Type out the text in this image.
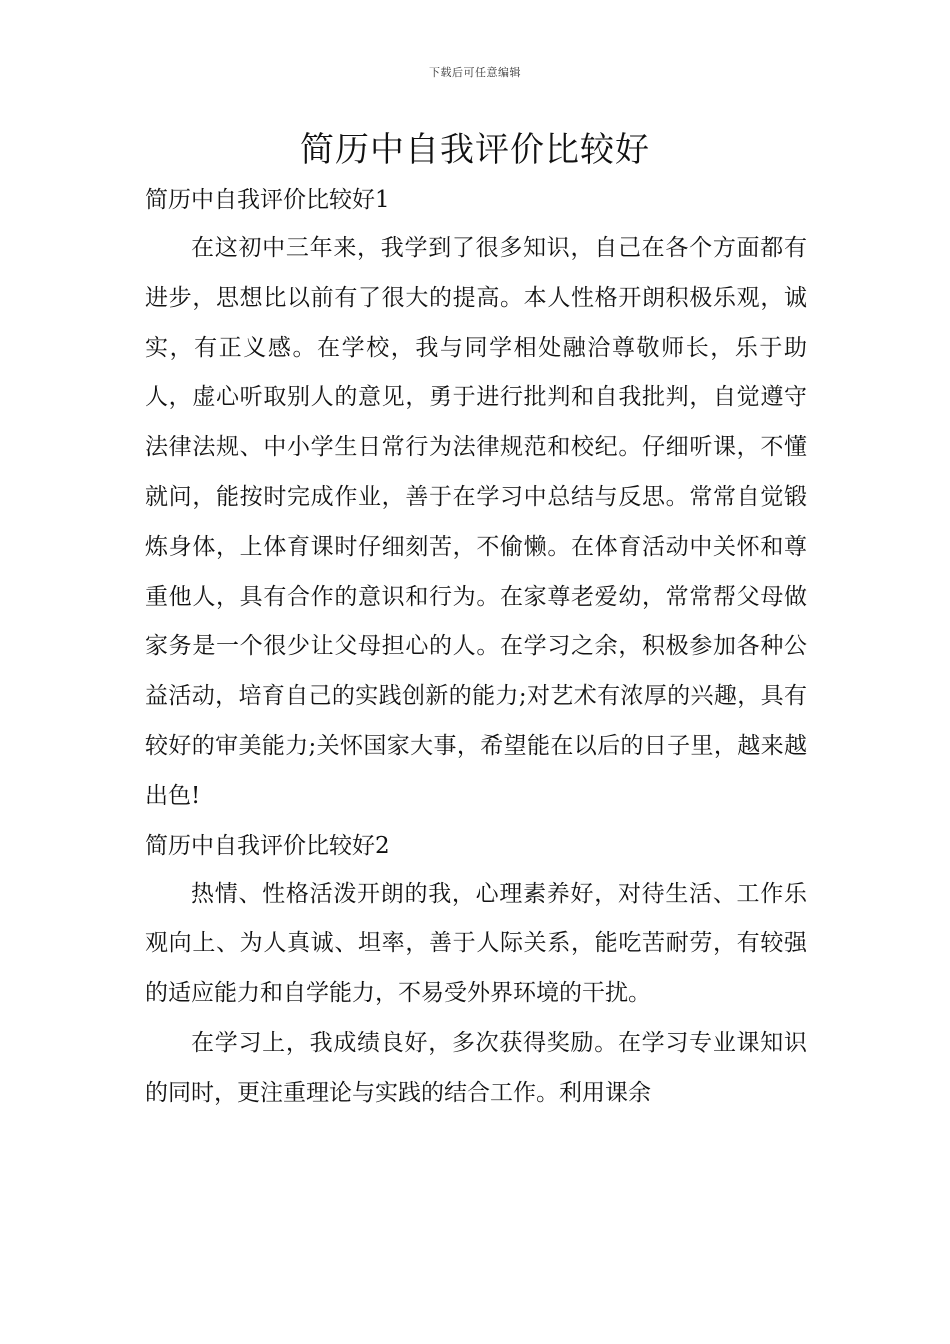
下载后可任意编辑
简历中自我评价比较好
简历中自我评价比较好1

在这初中三年来，我学到了很多知识，自己在各个方面都有进步，思想比以前有了很大的提高。本人性格开朗积极乐观，诚实，有正义感。在学校，我与同学相处融洽尊敬师长，乐于助人，虚心听取别人的意见，勇于进行批判和自我批判，自觉遵守法律法规、中小学生日常行为法律规范和校纪。仔细听课，不懂就问，能按时完成作业，善于在学习中总结与反思。常常自觉锻炼身体，上体育课时仔细刻苦，不偷懒。在体育活动中关怀和尊重他人，具有合作的意识和行为。在家尊老爱幼，常常帮父母做家务是一个很少让父母担心的人。在学习之余，积极参加各种公益活动，培育自己的实践创新的能力;对艺术有浓厚的兴趣，具有较好的审美能力;关怀国家大事，希望能在以后的日子里，越来越出色!

简历中自我评价比较好2

热情、性格活泼开朗的我，心理素养好，对待生活、工作乐观向上、为人真诚、坦率，善于人际关系，能吃苦耐劳，有较强的适应能力和自学能力，不易受外界环境的干扰。

在学习上，我成绩良好，多次获得奖励。在学习专业课知识的同时，更注重理论与实践的结合工作。利用课余
